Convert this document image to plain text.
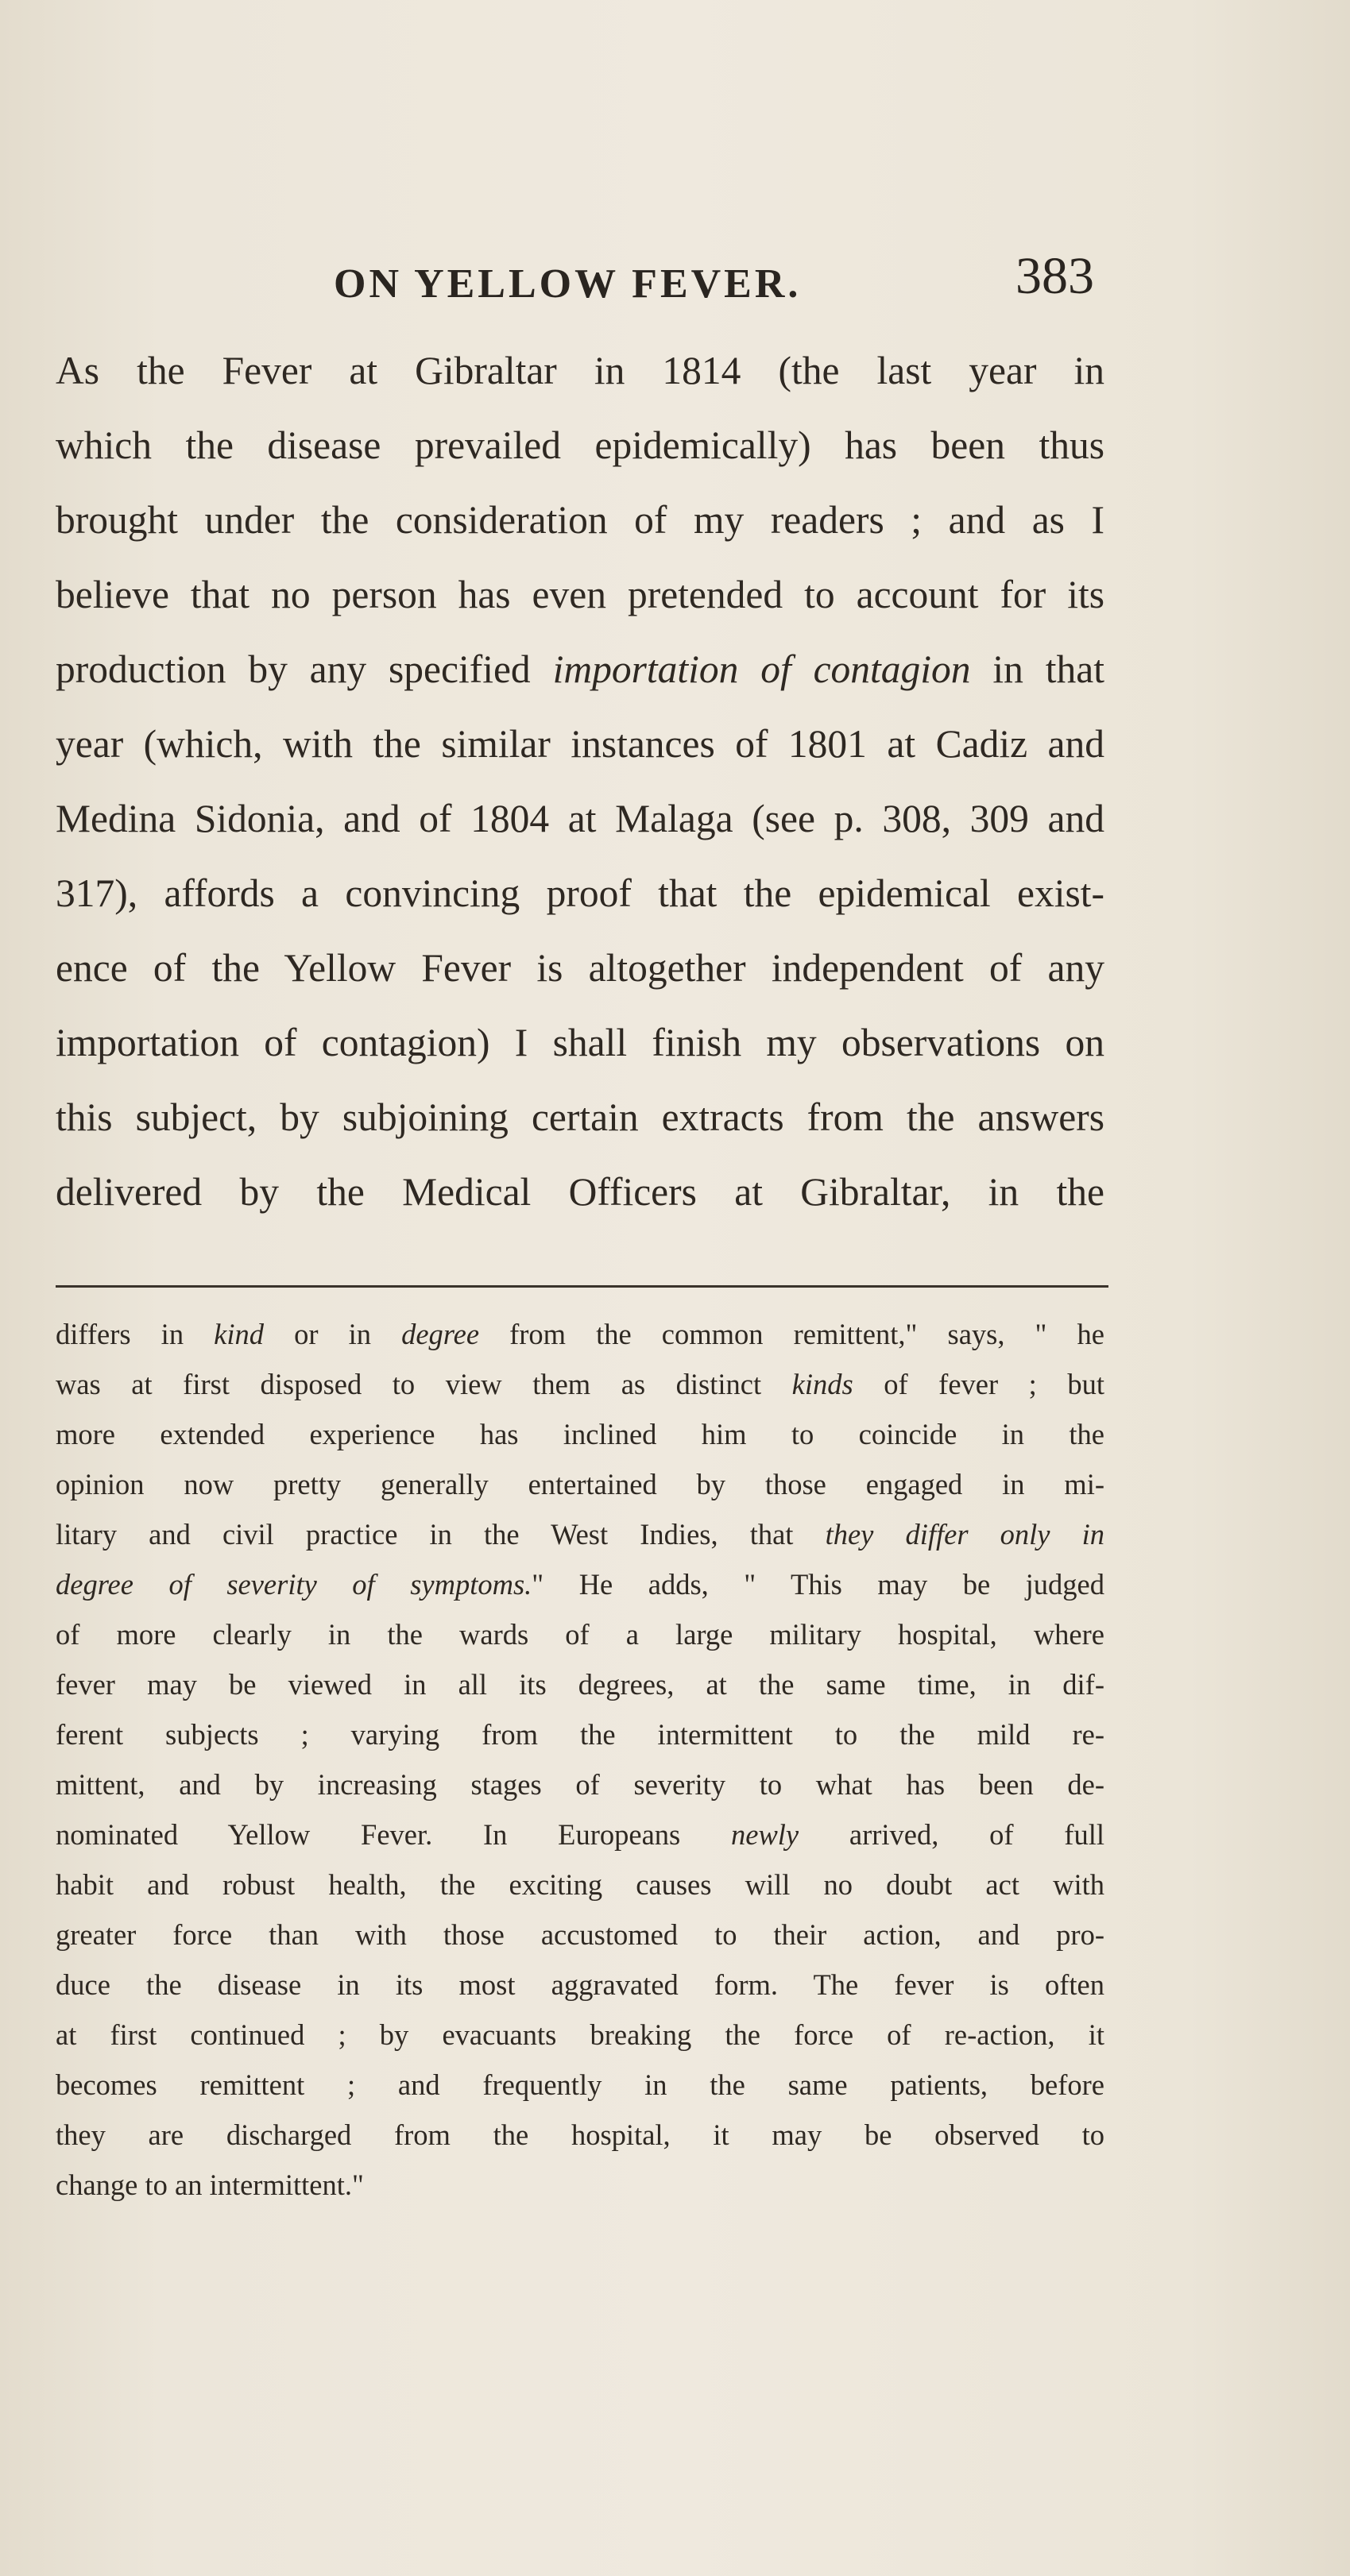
ON YELLOW FEVER.	383
As the Fever at Gibraltar in 1814 (the last year in
which the disease prevailed epidemically) has been thus
brought under the consideration of my readers ; and as I
believe that no person has even pretended to account for its
production by any specified importation of contagion in that
year (which, with the similar instances of 1801 at Cadiz and
Medina Sidonia, and of 1804 at Malaga (see p. 308, 309 and
317), affords a convincing proof that the epidemical exist-
ence of the Yellow Fever is altogether independent of any
importation of contagion) I shall finish my observations on
this subject, by subjoining certain extracts from the answers
delivered by the Medical Officers at Gibraltar, in the
differs in kind or in degree from the common remittent," says, " he
was at first disposed to view them as distinct kinds of fever ; but
more extended experience has inclined him to coincide in the
opinion now pretty generally entertained by those engaged in mi-
litary and civil practice in the West Indies, that they differ only in
degree of severity of symptoms." He adds, " This may be judged
of more clearly in the wards of a large military hospital, where
fever may be viewed in all its degrees, at the same time, in dif-
ferent subjects ; varying from the intermittent to the mild re-
mittent, and by increasing stages of severity to what has been de-
nominated Yellow Fever. In Europeans newly arrived, of full
habit and robust health, the exciting causes will no doubt act with
greater force than with those accustomed to their action, and pro-
duce the disease in its most aggravated form. The fever is often
at first continued ; by evacuants breaking the force of re-action, it
becomes remittent ; and frequently in the same patients, before
they are discharged from the hospital, it may be observed to
change to an intermittent."
